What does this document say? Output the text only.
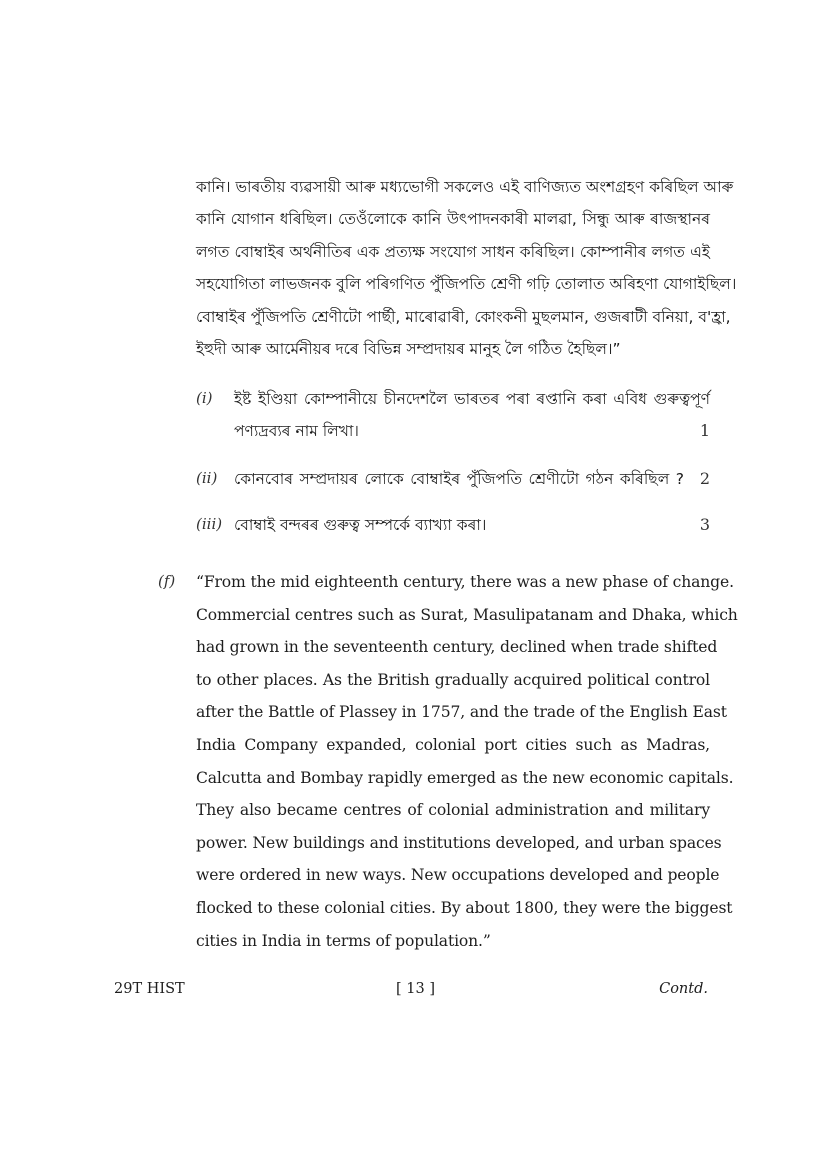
কানি। ভাৰতীয় ব্যৱসায়ী আৰু মধ্যভোগী সকলেও এই বাণিজ্যত অংশগ্ৰহণ কৰিছিল আৰু
কানি যোগান ধৰিছিল। তেওঁলোকে কানি উৎপাদনকাৰী মালৱা, সিন্ধু আৰু ৰাজস্থানৰ
লগত বোম্বাইৰ অৰ্থনীতিৰ এক প্ৰত্যক্ষ সংযোগ সাধন কৰিছিল। কোম্পানীৰ লগত এই
সহযোগিতা লাভজনক বুলি পৰিগণিত পুঁজিপতি শ্ৰেণী গঢ়ি তোলাত অৰিহণা যোগাইছিল।
বোম্বাইৰ পুঁজিপতি শ্ৰেণীটো পাৰ্ছী, মাৰোৱাৰী, কোংকনী মুছলমান, গুজৰাটী বনিয়া, ব'হ্ৰা,
ইহুদী আৰু আৰ্মেনীয়ৰ দৰে বিভিন্ন সম্প্ৰদায়ৰ মানুহ লৈ গঠিত হৈছিল।”
(i) ইষ্ট ইণ্ডিয়া কোম্পানীয়ে চীনদেশলৈ ভাৰতৰ পৰা ৰপ্তানি কৰা এবিধ গুৰুত্বপূৰ্ণ
পণ্যদ্ৰব্যৰ নাম লিখা।	1
(ii) কোনবোৰ সম্প্ৰদায়ৰ লোকে বোম্বাইৰ পুঁজিপতি শ্ৰেণীটো গঠন কৰিছিল ? 2
(iii) বোম্বাই বন্দৰৰ গুৰুত্ব সম্পৰ্কে ব্যাখ্যা কৰা।	3
(f) “From the mid eighteenth century, there was a new phase of change.
Commercial centres such as Surat, Masulipatanam and Dhaka, which
had grown in the seventeenth century, declined when trade shifted
to other places. As the British gradually acquired political control
after the Battle of Plassey in 1757, and the trade of the English East
India Company expanded, colonial port cities such as Madras,
Calcutta and Bombay rapidly emerged as the new economic capitals.
They also became centres of colonial administration and military
power. New buildings and institutions developed, and urban spaces
were ordered in new ways. New occupations developed and people
flocked to these colonial cities. By about 1800, they were the biggest
cities in India in terms of population.”
29T HIST	[ 13 ]	Contd.
